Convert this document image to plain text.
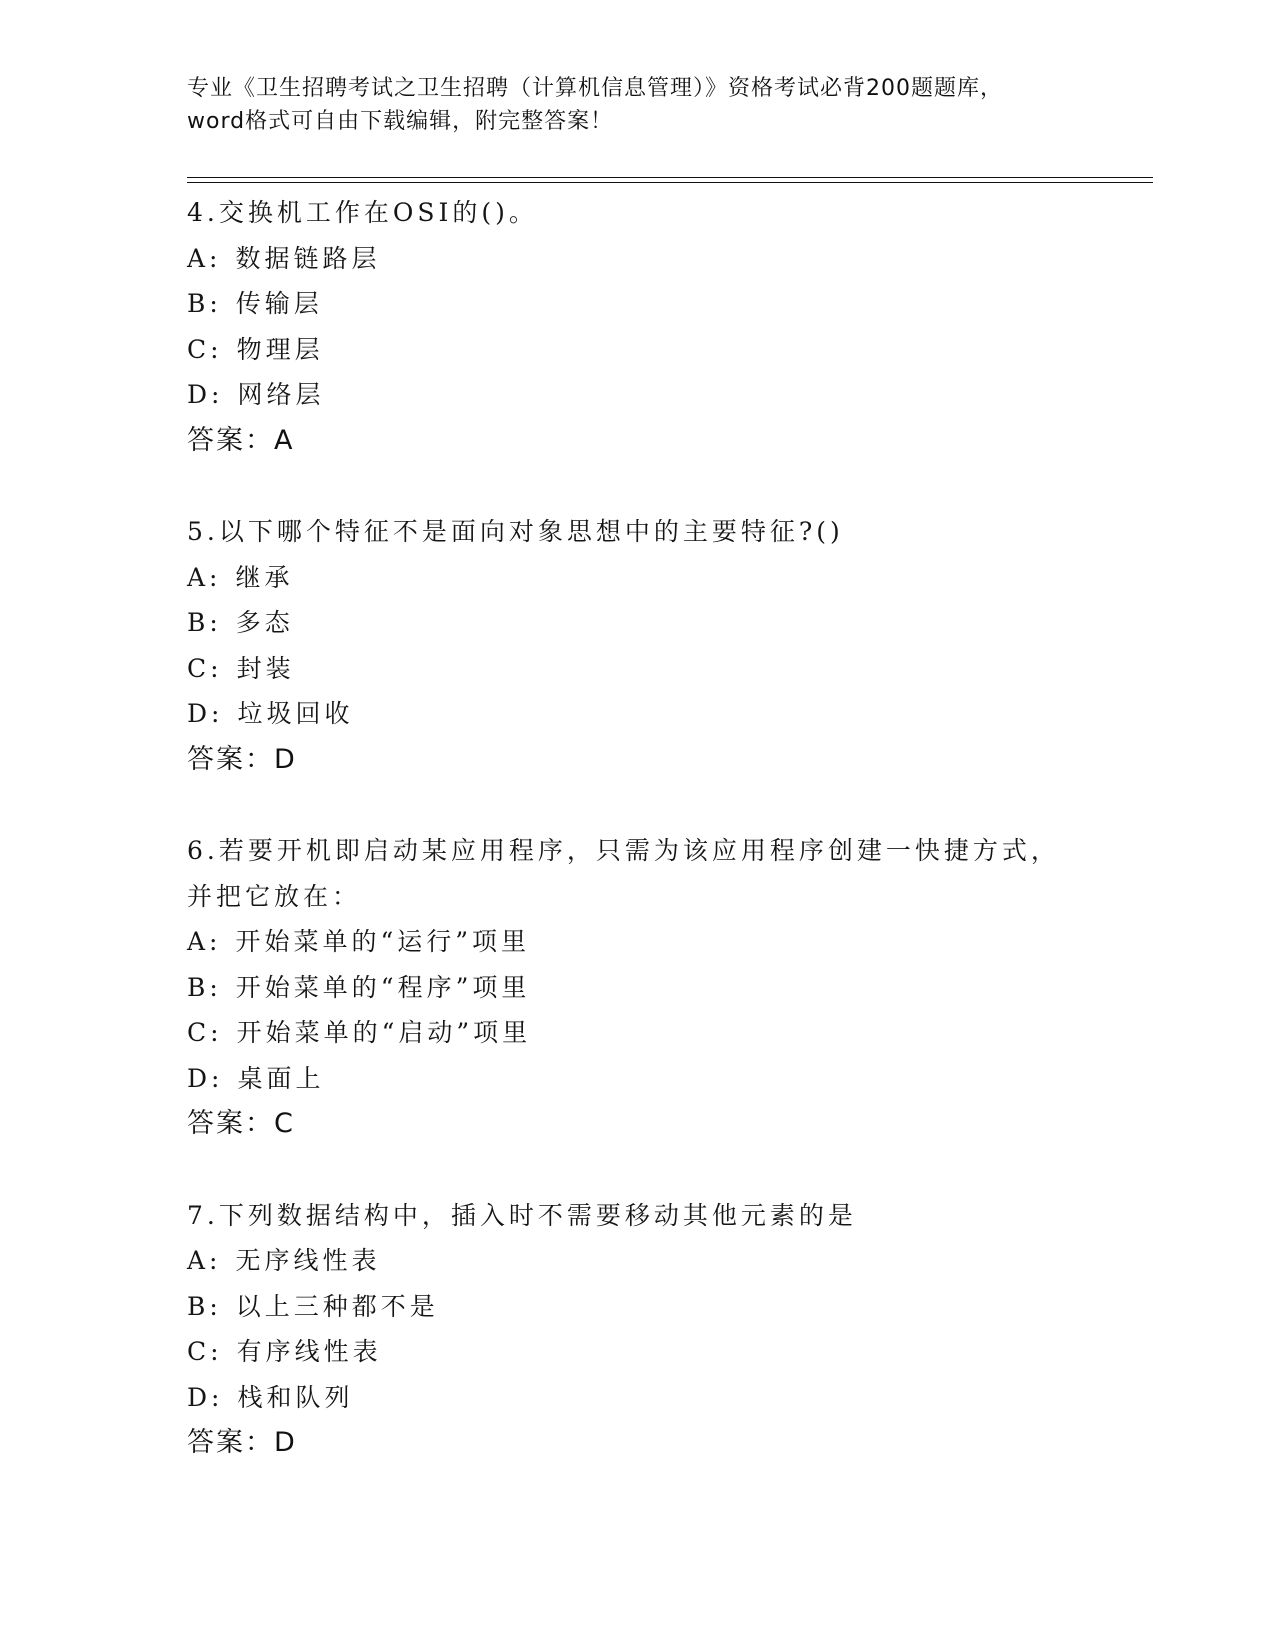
专业《卫生招聘考试之卫生招聘（计算机信息管理）》资格考试必背200题题库，
word格式可自由下载编辑，附完整答案！
4.交换机工作在OSI的()。
A: 数据链路层
B: 传输层
C: 物理层
D: 网络层
答案：A
5.以下哪个特征不是面向对象思想中的主要特征?()
A: 继承
B: 多态
C: 封装
D: 垃圾回收
答案：D
6.若要开机即启动某应用程序，只需为该应用程序创建一快捷方式，
并把它放在：
A: 开始菜单的“运行”项里
B: 开始菜单的“程序”项里
C: 开始菜单的“启动”项里
D: 桌面上
答案：C
7.下列数据结构中，插入时不需要移动其他元素的是
A: 无序线性表
B: 以上三种都不是
C: 有序线性表
D: 栈和队列
答案：D
